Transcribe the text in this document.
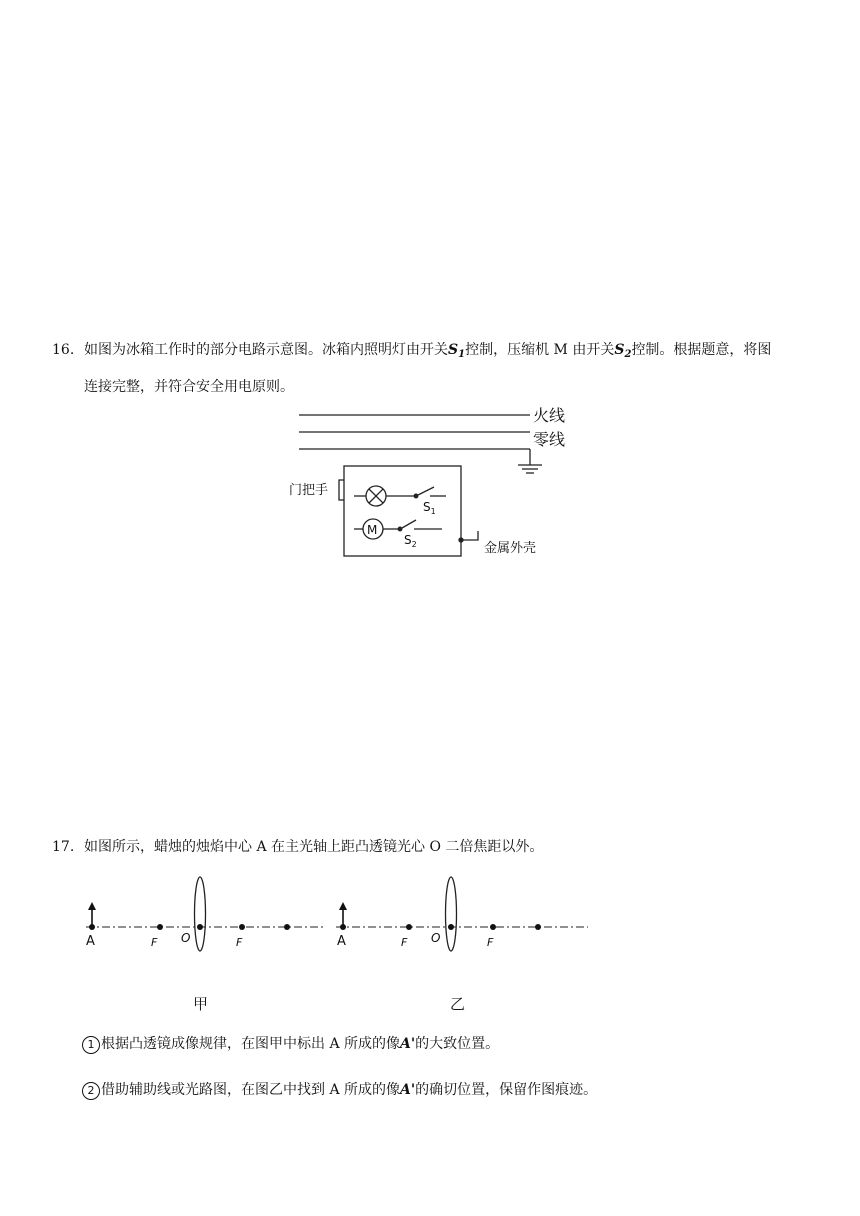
16. 如图为冰箱工作时的部分电路示意图。冰箱内照明灯由开关$S_1$控制，压缩机 M 由开关$S_2$控制。根据题意，将图
连接完整，并符合安全用电原则。
火线
零线
门把手
M
$S_1$
$S_2$	金属外壳
A	F O	F	A	F O	F
甲	乙
17. 如图所示，蜡烛的烛焰中心 A 在主光轴上距凸透镜光心 O 二倍焦距以外。
1 根据凸透镜成像规律，在图甲中标出 A 所成的像A'的大致位置。
2 借助辅助线或光路图，在图乙中找到 A 所成的像A'的确切位置，保留作图痕迹。
